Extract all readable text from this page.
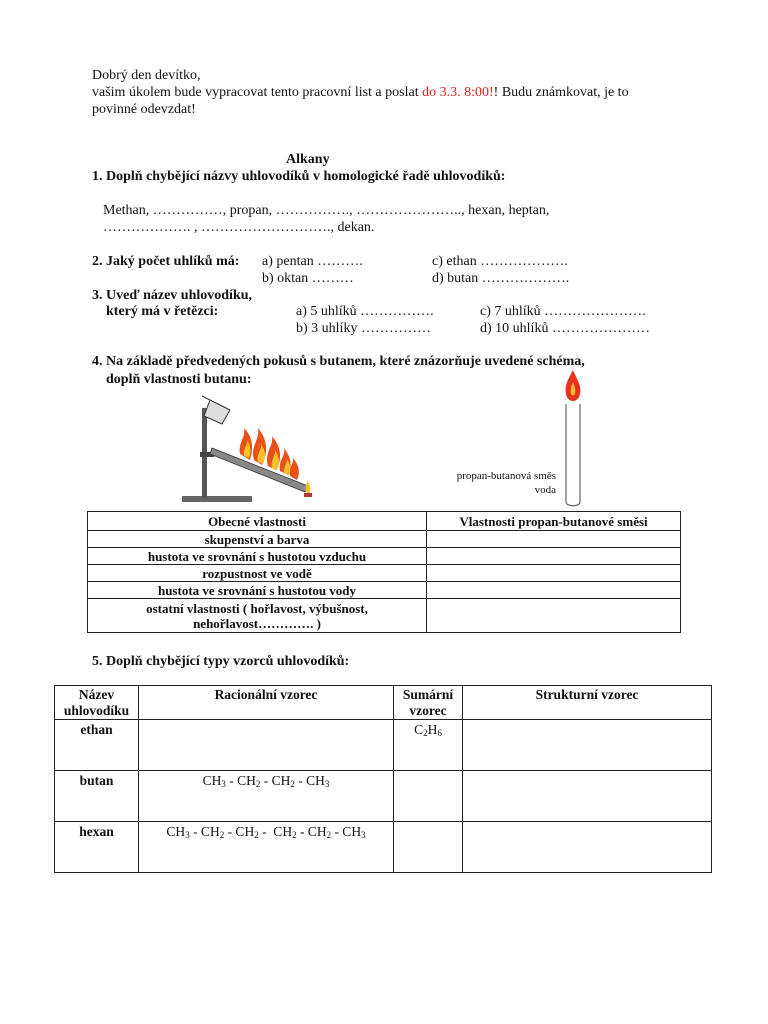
Dobrý den devítko,
vašim úkolem bude vypracovat tento pracovní list a poslat do 3.3. 8:00!! Budu známkovat, je to
povinné odevzdat!
Alkany
1. Doplň chybějící názvy uhlovodíků v homologické řadě uhlovodíků:
Methan, ……………, propan, ……………., ………………….., hexan, heptan,
………………. , ………………………., dekan.
2. Jaký počet uhlíků má: a) pentan ……….	c) ethan ……………….
b) oktan ………	d) butan ……………….
3. Uveď název uhlovodíku,
který má v řetězci:	a) 5 uhlíků …………….	c) 7 uhlíků ………………….
b) 3 uhlíky ……………	d) 10 uhlíků …………………
4. Na základě předvedených pokusů s butanem, které znázorňuje uvedené schéma,
doplň vlastnosti butanu:
propan-butanová směs
voda
Obecné vlastnosti	Vlastnosti propan-butanové směsi
skupenství a barva	
hustota ve srovnání s hustotou vzduchu	
rozpustnost ve vodě	
hustota ve srovnání s hustotou vody	
ostatní vlastnosti ( hořlavost, výbušnost,
nehořlavost…………. )	
5. Doplň chybějící typy vzorců uhlovodíků:
Název
uhlovodíku	Racionální vzorec	Sumární
vzorec	Strukturní vzorec
ethan		$C_2H_6$	
butan	$CH_3 - CH_2 - CH_2 - CH_3$		
hexan	$CH_3 - CH_2 - CH_2 - CH_2 - CH_2 - CH_3$		
